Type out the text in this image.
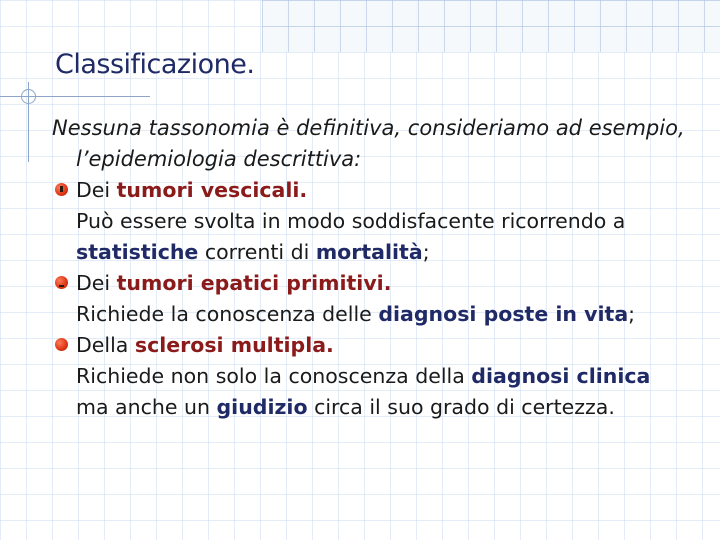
Classificazione.

Nessuna tassonomia è definitiva, consideriamo ad esempio,
l’epidemiologia descrittiva:

Dei tumori vescicali.
Può essere svolta in modo soddisfacente ricorrendo a
statistiche correnti di mortalità;
Dei tumori epatici primitivi.
Richiede la conoscenza delle diagnosi poste in vita;
Della sclerosi multipla.
Richiede non solo la conoscenza della diagnosi clinica
ma anche un giudizio circa il suo grado di certezza.
